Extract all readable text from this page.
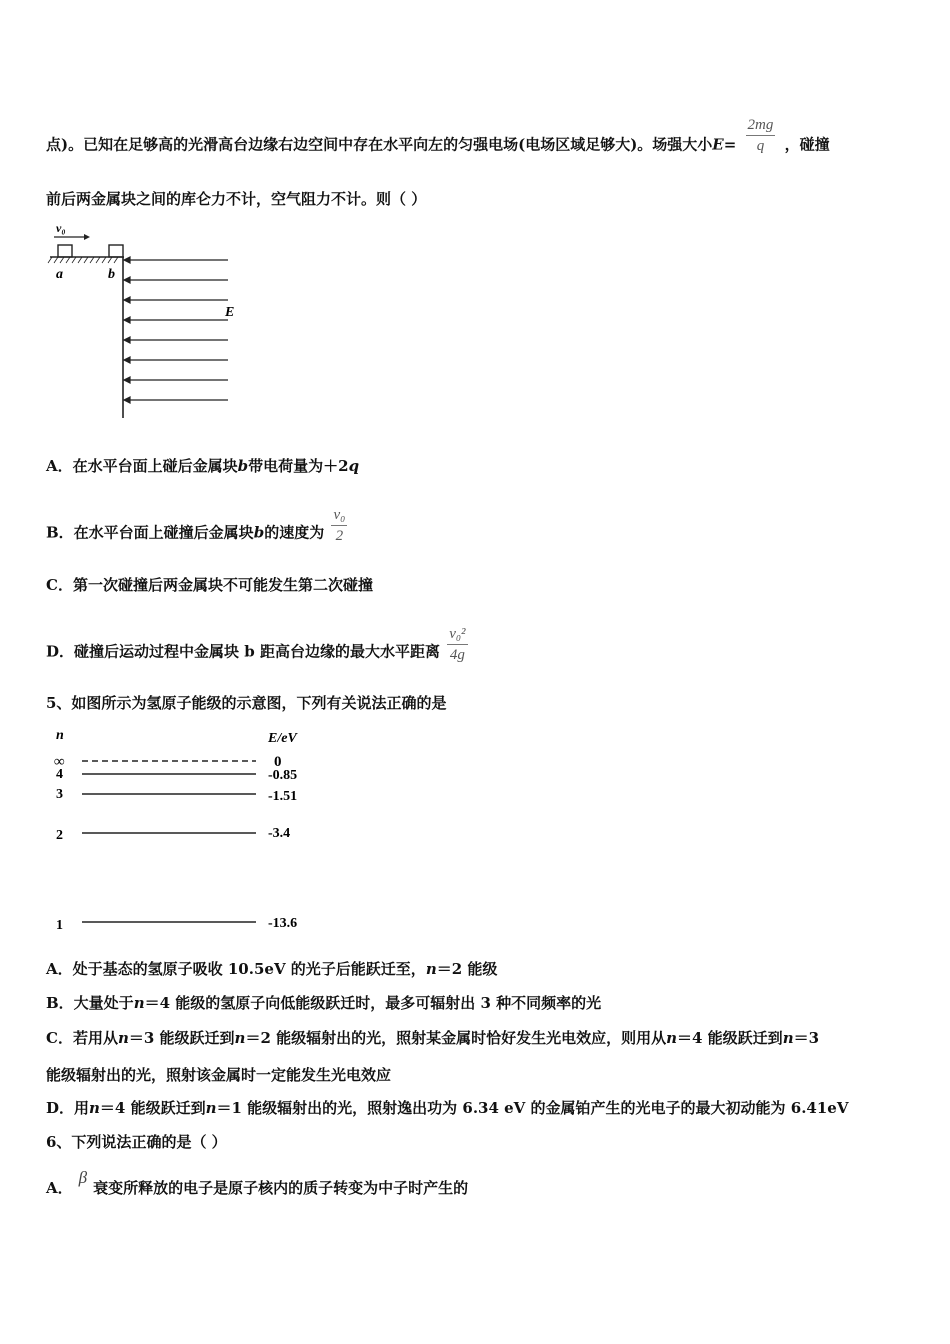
点)。已知在足够高的光滑高台边缘右边空间中存在水平向左的匀强电场(电场区域足够大)。场强大小$E= \frac{2mg}{q}$ ，碰撞
前后两金属块之间的库仑力不计，空气阻力不计。则（ ）
v₀
a	b
E
A．在水平台面上碰后金属块b带电荷量为＋2q
B．在水平台面上碰撞后金属块b的速度为 $\frac{\text{v₀}}{2}$
C．第一次碰撞后两金属块不可能发生第二次碰撞
D．碰撞后运动过程中金属块 b 距高台边缘的最大水平距离 $\frac{\text{v₀²}}{4g}$
5、如图所示为氢原子能级的示意图，下列有关说法正确的是
n	E/eV
∞	0
4	-0.85
3	-1.51
2	-3.4
1	-13.6
A．处于基态的氢原子吸收 10.5eV 的光子后能跃迁至，n＝2 能级
B．大量处于n＝4 能级的氢原子向低能级跃迁时，最多可辐射出 3 种不同频率的光
C．若用从n＝3 能级跃迁到n＝2 能级辐射出的光，照射某金属时恰好发生光电效应，则用从n＝4 能级跃迁到n＝3
能级辐射出的光，照射该金属时一定能发生光电效应
D．用n＝4 能级跃迁到n＝1 能级辐射出的光，照射逸出功为 6.34 eV 的金属铂产生的光电子的最大初动能为 6.41eV
6、下列说法正确的是（ ）
A．β衰变所释放的电子是原子核内的质子转变为中子时产生的
